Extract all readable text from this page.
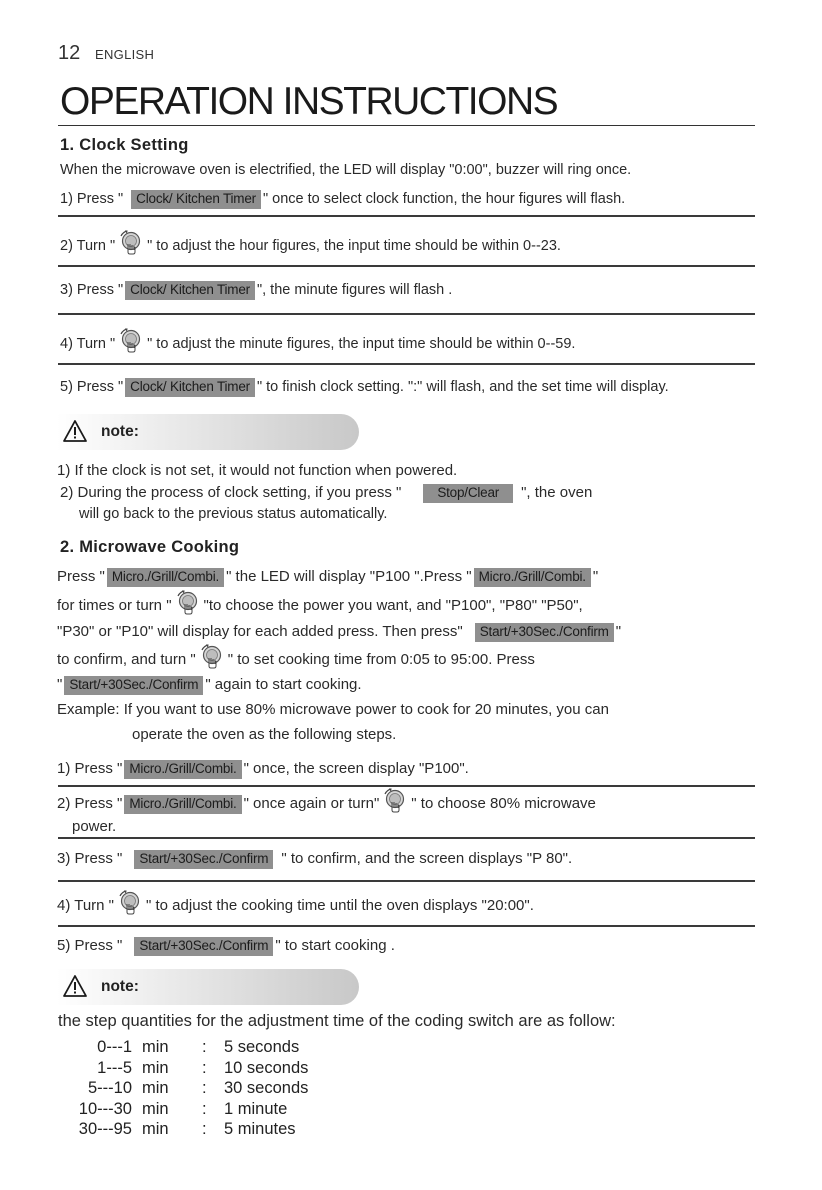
12 ENGLISH
OPERATION INSTRUCTIONS
1. Clock Setting
When the microwave oven is electrified, the LED will display "0:00", buzzer will ring once.
1) Press " Clock/ Kitchen Timer " once to select clock function, the hour figures will flash.
2) Turn " " to adjust the hour figures, the input time should be within 0--23.
3) Press " Clock/ Kitchen Timer ", the minute figures will flash .
4) Turn " " to adjust the minute figures, the input time should be within 0--59.
5) Press " Clock/ Kitchen Timer " to finish clock setting. ":" will flash, and the set time will display.
note:
1) If the clock is not set, it would not function when powered.
2) During the process of clock setting, if you press "	Stop/Clear ", the oven
will go back to the previous status automatically.
2. Microwave Cooking
Press " Micro./Grill/Combi. " the LED will display "P100 ".Press " Micro./Grill/Combi. "
for times or turn " "to choose the power you want, and "P100", "P80" "P50",
"P30" or "P10" will display for each added press. Then press" Start/+30Sec./Confirm "
to confirm, and turn " " to set cooking time from 0:05 to 95:00. Press
" Start/+30Sec./Confirm " again to start cooking.
Example: If you want to use 80% microwave power to cook for 20 minutes, you can
operate the oven as the following steps.
1) Press " Micro./Grill/Combi. " once, the screen display "P100".
2) Press " Micro./Grill/Combi. " once again or turn" " to choose 80% microwave
power.
3) Press " Start/+30Sec./Confirm " to confirm, and the screen displays "P 80".
4) Turn " " to adjust the cooking time until the oven displays "20:00".
5) Press " Start/+30Sec./Confirm " to start cooking .
note:
the step quantities for the adjustment time of the coding switch are as follow:
0---1	min	:	5 seconds
1---5	min	:	10 seconds
5---10	min	:	30 seconds
10---30	min	:	1 minute
30---95	min	:	5 minutes
